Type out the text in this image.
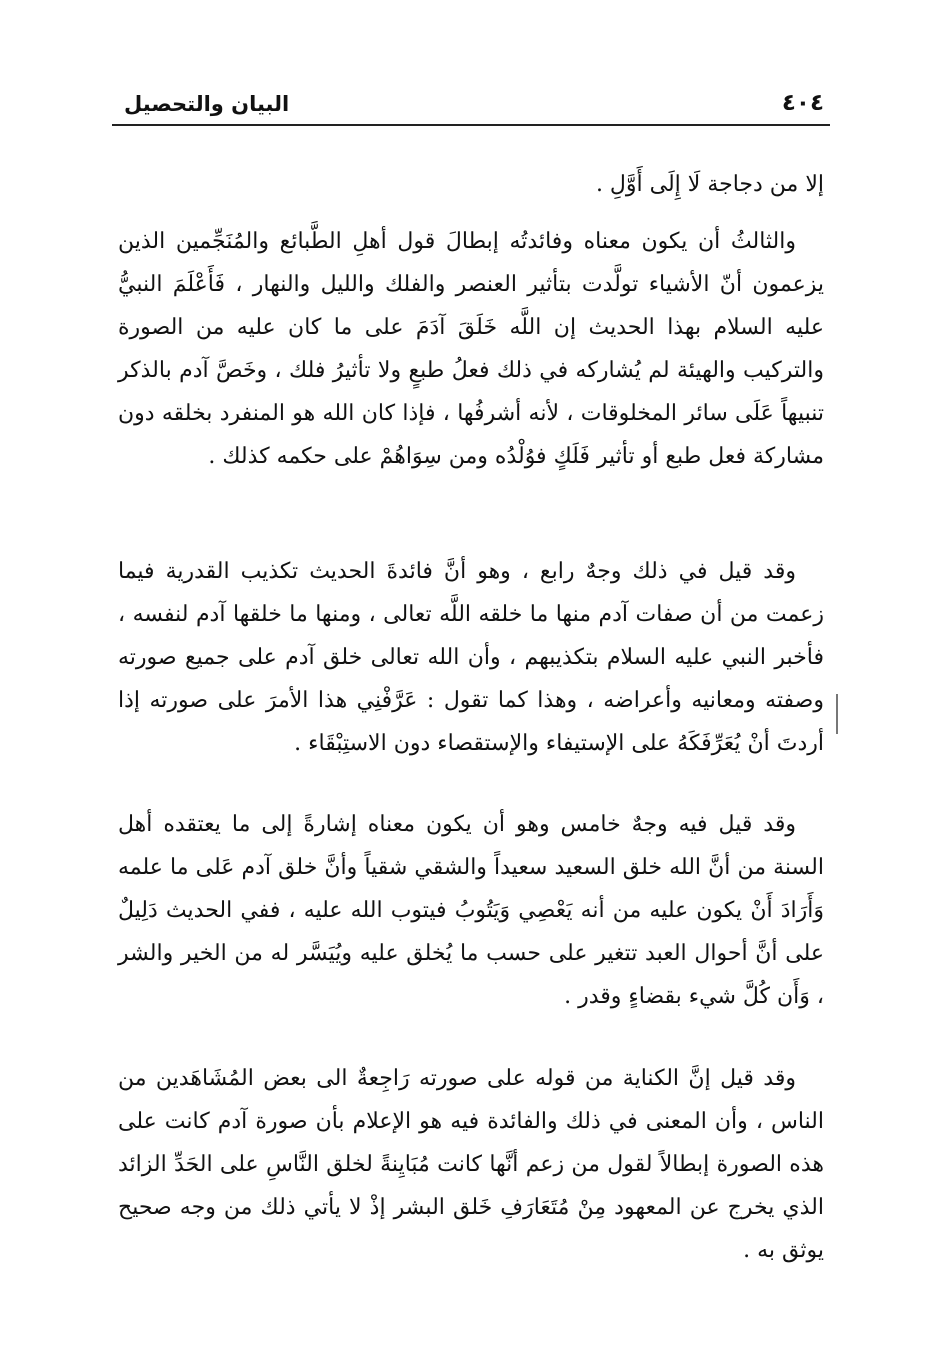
البيان والتحصيل	٤٠٤

إلا من دجاجة لَا إِلَى أَوَّلِ .

والثالثُ أن يكون معناه وفائدتُه إبطالَ قول أهلِ الطَّبائع والمُنَجِّمين الذين يزعمون أنّ الأشياء تولَّدت بتأثير العنصر والفلك والليل والنهار ، فَأَعْلَمَ النبيُّ عليه السلام بهذا الحديث إن اللَّه خَلَقَ آدَمَ على ما كان عليه من الصورة والتركيب والهيئة لم يُشاركه في ذلك فعلُ طبعٍ ولا تأثيرُ فلك ، وخَصَّ آدم بالذكر تنبيهاً عَلَى سائر المخلوقات ، لأنه أشرفُها ، فإذا كان الله هو المنفرد بخلقه دون مشاركة فعل طبع أو تأثير فَلَكٍ فوُلْدُه ومن سِوَاهُمْ على حكمه كذلك .

وقد قيل في ذلك وجهٌ رابع ، وهو أنَّ فائدةَ الحديث تكذيب القدرية فيما زعمت من أن صفات آدم منها ما خلقه اللَّه تعالى ، ومنها ما خلقها آدم لنفسه ، فأخبر النبي عليه السلام بتكذيبهم ، وأن الله تعالى خلق آدم على جميع صورته وصفته ومعانيه وأعراضه ، وهذا كما تقول : عَرَّفْنِي هذا الأمرَ على صورته إذا أردتَ أنْ يُعَرِّفَكَهُ على الإستيفاء والإستقصاء دون الاستِبْقَاء .

وقد قيل فيه وجهٌ خامس وهو أن يكون معناه إشارةً إلى ما يعتقده أهل السنة من أنَّ الله خلق السعيد سعيداً والشقي شقياً وأنَّ خلق آدم عَلى ما علمه وَأَرَادَ أَنْ يكون عليه من أنه يَعْصِي وَيَتُوبُ فيتوب الله عليه ، ففي الحديث دَلِيلٌ على أنَّ أحوال العبد تتغير على حسب ما يُخلق عليه ويُيَسَّر له من الخير والشر ، وَأَن كُلَّ شيء بقضاءٍ وقدر .

وقد قيل إنَّ الكناية من قوله على صورته رَاجِعةٌ الى بعض المُشَاهَدين من الناس ، وأن المعنى في ذلك والفائدة فيه هو الإعلام بأن صورة آدم كانت على هذه الصورة إبطالاً لقول من زعم أنَّها كانت مُبَايِنةً لخلق النَّاسِ على الحَدِّ الزائد الذي يخرج عن المعهود مِنْ مُتَعَارَفِ خَلق البشر إذْ لا يأتي ذلك من وجه صحيح يوثق به .
